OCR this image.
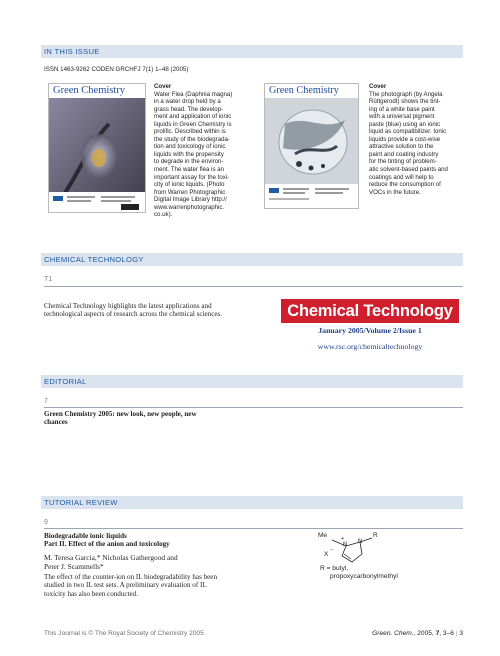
IN THIS ISSUE
ISSN 1463-9262 CODEN GRCHFJ 7(1) 1–48 (2005)
Green Chemistry	Cover
Water Flea (Daphnia magna)
in a water drop held by a
grass head. The develop-
ment and application of ionic
liquids in Green Chemistry is
prolific. Described within is
the study of the biodegrada-
tion and toxicology of ionic
liquids with the propensity
to degrade in the environ-
ment. The water flea is an
important assay for the toxi-
city of ionic liquids. (Photo
from Warren Photographic
Digital Image Library http://
www.warrenphotographic.
co.uk).
Green Chemistry	Cover
The photograph (by Angela
Rüttgerodt) shows the tint-
ing of a white base paint
with a universal pigment
paste (blue) using an ionic
liquid as compatibilizer. Ionic
liquids provide a cost-wise
attractive solution to the
paint and coating industry
for the tinting of problem-
atic solvent-based paints and
coatings and will help to
reduce the consumption of
VOCs in the future.
CHEMICAL TECHNOLOGY
T1
Chemical Technology highlights the latest applications and
technological aspects of research across the chemical sciences.	Chemical Technology
January 2005/Volume 2/Issue 1
www.rsc.org/chemicaltechnology
EDITORIAL
7
Green Chemistry 2005: new look, new people, new
chances
TUTORIAL REVIEW
9
Biodegradable ionic liquids
Part II. Effect of the anion and toxicology
M. Teresa Garcia,* Nicholas Gathergood and
Peter J. Scammells*
The effect of the counter-ion on IL biodegradability has been
studied in two IL test sets. A preliminary evaluation of IL
toxicity has also been conducted.
Me
N
+ N
R
X
−
R = butyl,
propoxycarbonylmethyl
This Journal is © The Royal Society of Chemistry 2005	Green. Chem., 2005, 7, 3–6 | 3
